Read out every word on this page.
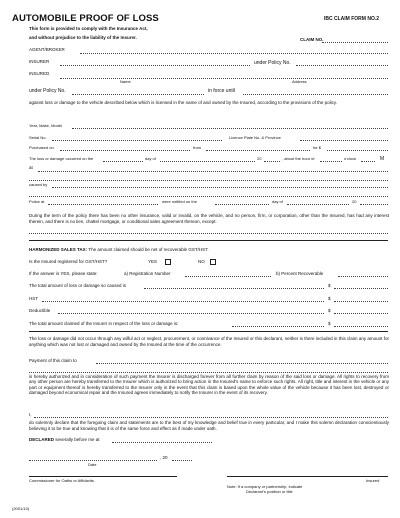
AUTOMOBILE PROOF OF LOSS	IBC CLAIM FORM NO.2
This form is provided to comply with the Insurance Act,
and without prejudice to the liability of the Insurer.	CLAIM NO.
AGENT/BROKER
INSURER	under Policy No.
INSURED
Name	Address
under Policy No.	in force until
against loss or damage to the vehicle described below which is licensed in the name of and owned by the Insured, according to the provisions of the policy.
Year, Make, Model
Serial No.	Licence Plate No. & Province
Purchased on	from	for $
The loss or damage occurred on the	day of	20	, about the hour of	o'clock	M
at
caused by
Police at	were notified on the	day of	20
During the term of the policy there has been no other insurance, valid or invalid, on the vehicle, and no person, firm, or corporation, other than the Insured, has had any interest therein, and there is no lien, chattel mortgage, or conditional sales agreement thereon, except:
HARMONIZED SALES TAX: The amount claimed should be net of recoverable GST/HST.
Is the Insured registered for GST/HST?	YES	NO
If the answer is YES, please state:	a) Registration Number	b) Percent Recoverable
The total amount of loss or damage so caused is	$
HST	$
Deductible	$
The total amount claimed of the Insurer in respect of the loss or damage is:	$
The loss or damage did not occur through any wilful act or neglect, procurement, or connivance of the Insured or this declarant, neither is there included in this claim any amount for anything which was not lost or damaged and owned by the Insured at the time of the occurrence.
Payment of this claim to
is hereby authorized and in consideration of such payment the Insurer is discharged forever from all further claim by reason of the said loss or damage. All rights to recovery from any other person are hereby transferred to the Insurer which is authorized to bring action in the Insured's name to enforce such rights. All right, title and interest in the vehicle or any part or equipment thereof is hereby transferred to the Insurer only in the event that this claim is based upon the whole value of the vehicle because it has been lost, destroyed or damaged beyond economical repair and the Insured agrees immediately to notify the Insurer in the event of its recovery.
I,
do solemnly declare that the foregoing claim and statements are to the best of my knowledge and belief true in every particular, and I make this solemn declaration conscientiously believing it to be true and knowing that it is of the same force and effect as if made under oath.
DECLARED severally before me at
, 20
Date
Commissioner for Oaths or Affidavits	Insured
Note: If a company or partnership, indicate
Declarant's position or title
(2001/10)
